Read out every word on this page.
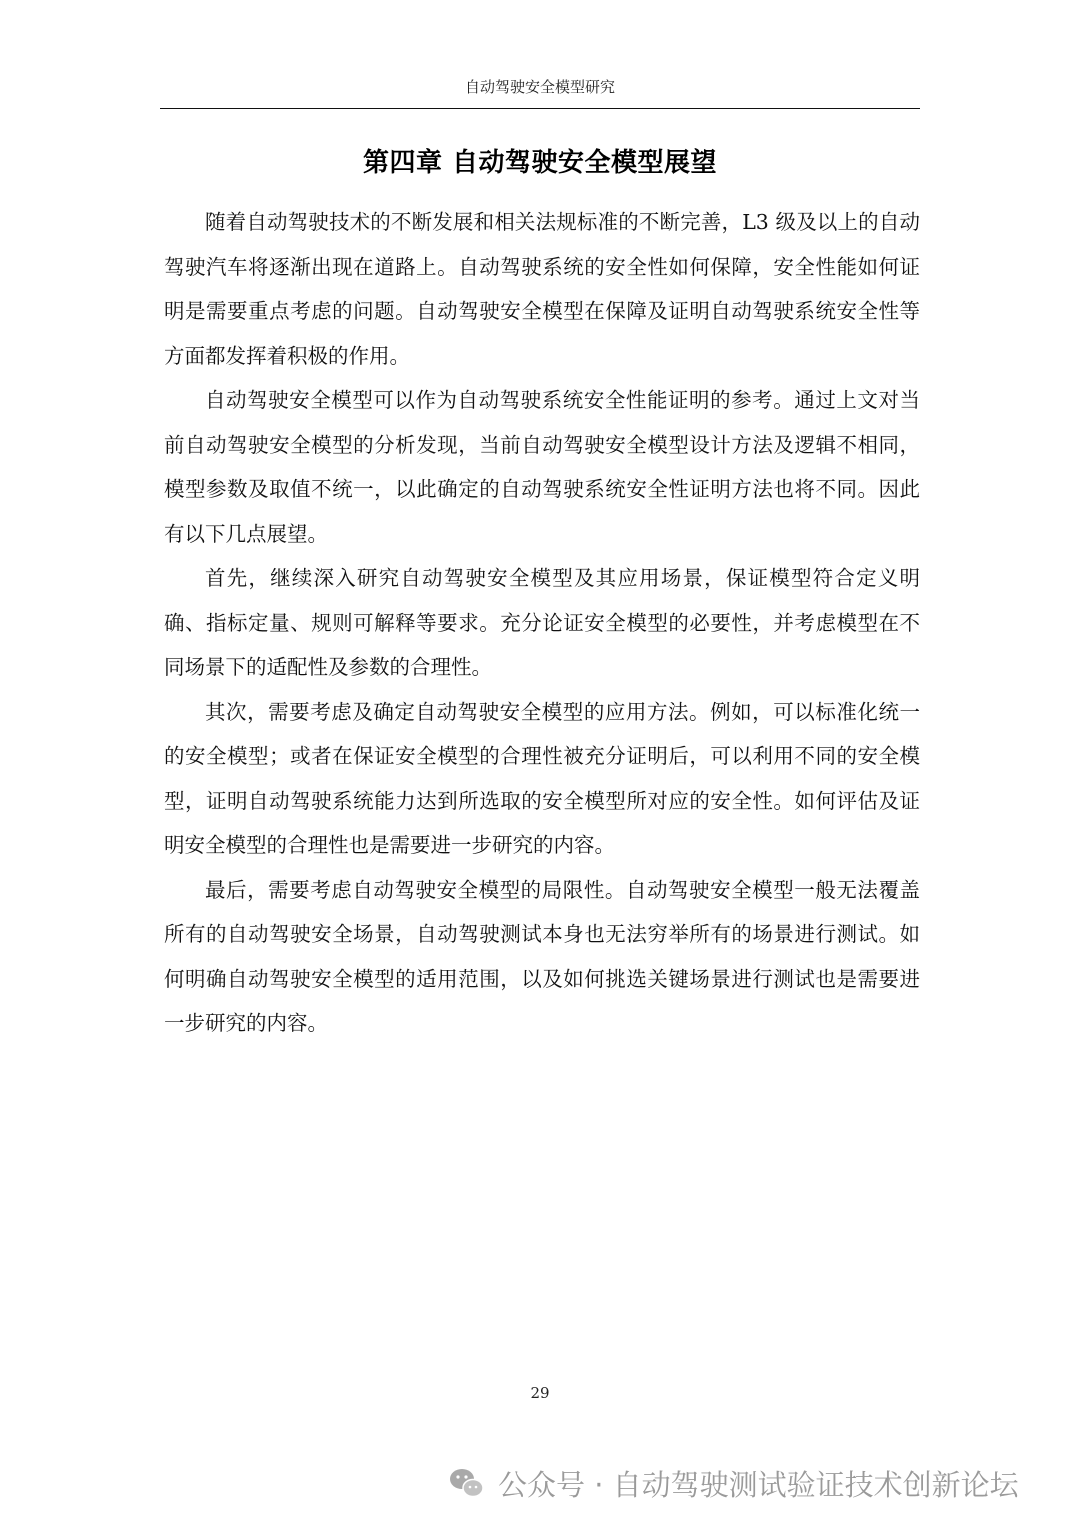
自动驾驶安全模型研究
第四章 自动驾驶安全模型展望

随着自动驾驶技术的不断发展和相关法规标准的不断完善，L3 级及以上的自动驾驶汽车将逐渐出现在道路上。自动驾驶系统的安全性如何保障，安全性能如何证明是需要重点考虑的问题。自动驾驶安全模型在保障及证明自动驾驶系统安全性等方面都发挥着积极的作用。

自动驾驶安全模型可以作为自动驾驶系统安全性能证明的参考。通过上文对当前自动驾驶安全模型的分析发现，当前自动驾驶安全模型设计方法及逻辑不相同，模型参数及取值不统一，以此确定的自动驾驶系统安全性证明方法也将不同。因此有以下几点展望。

首先，继续深入研究自动驾驶安全模型及其应用场景，保证模型符合定义明确、指标定量、规则可解释等要求。充分论证安全模型的必要性，并考虑模型在不同场景下的适配性及参数的合理性。

其次，需要考虑及确定自动驾驶安全模型的应用方法。例如，可以标准化统一的安全模型；或者在保证安全模型的合理性被充分证明后，可以利用不同的安全模型，证明自动驾驶系统能力达到所选取的安全模型所对应的安全性。如何评估及证明安全模型的合理性也是需要进一步研究的内容。

最后，需要考虑自动驾驶安全模型的局限性。自动驾驶安全模型一般无法覆盖所有的自动驾驶安全场景，自动驾驶测试本身也无法穷举所有的场景进行测试。如何明确自动驾驶安全模型的适用范围，以及如何挑选关键场景进行测试也是需要进一步研究的内容。

29
公众号 · 自动驾驶测试验证技术创新论坛
